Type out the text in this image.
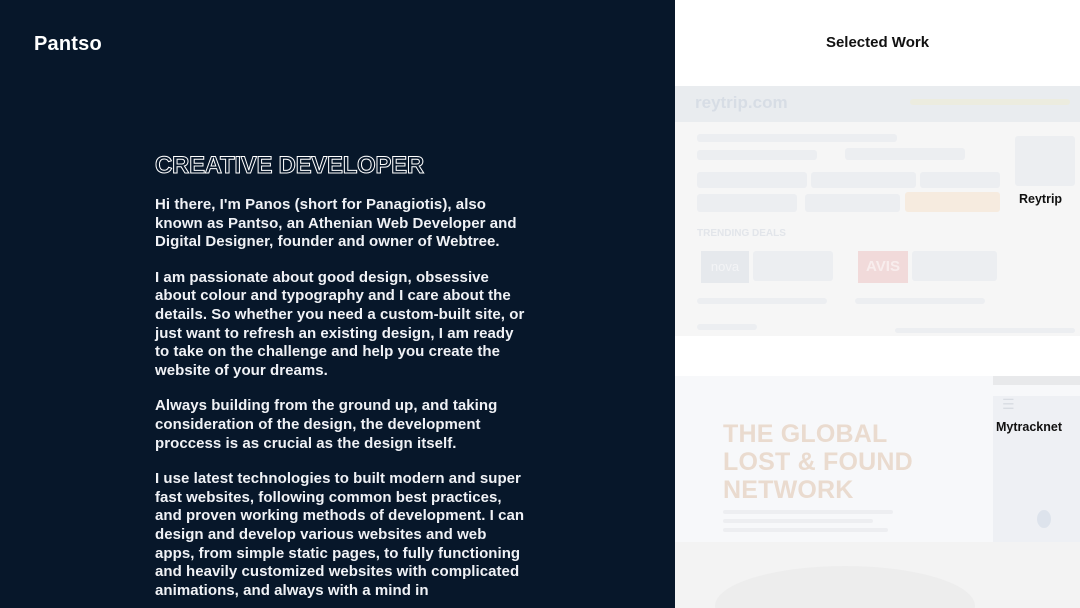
Pantso
CREATIVE DEVELOPER

Hi there, I'm Panos (short for Panagiotis), also known as Pantso, an Athenian Web Developer and Digital Designer, founder and owner of Webtree.

I am passionate about good design, obsessive about colour and typography and I care about the details. So whether you need a custom-built site, or just want to refresh an existing design, I am ready to take on the challenge and help you create the website of your dreams.

Always building from the ground up, and taking consideration of the design, the development proccess is as crucial as the design itself.

I use latest technologies to built modern and super fast websites, following common best practices, and proven working methods of development. I can design and develop various websites and web apps, from simple static pages, to fully functioning and heavily customized websites with complicated animations, and always with a mind in

Selected Work
reytrip.com
TRENDING DEALS
nova	AVIS
Reytrip
☰
THE GLOBAL
LOST & FOUND
NETWORK
Mytracknet
